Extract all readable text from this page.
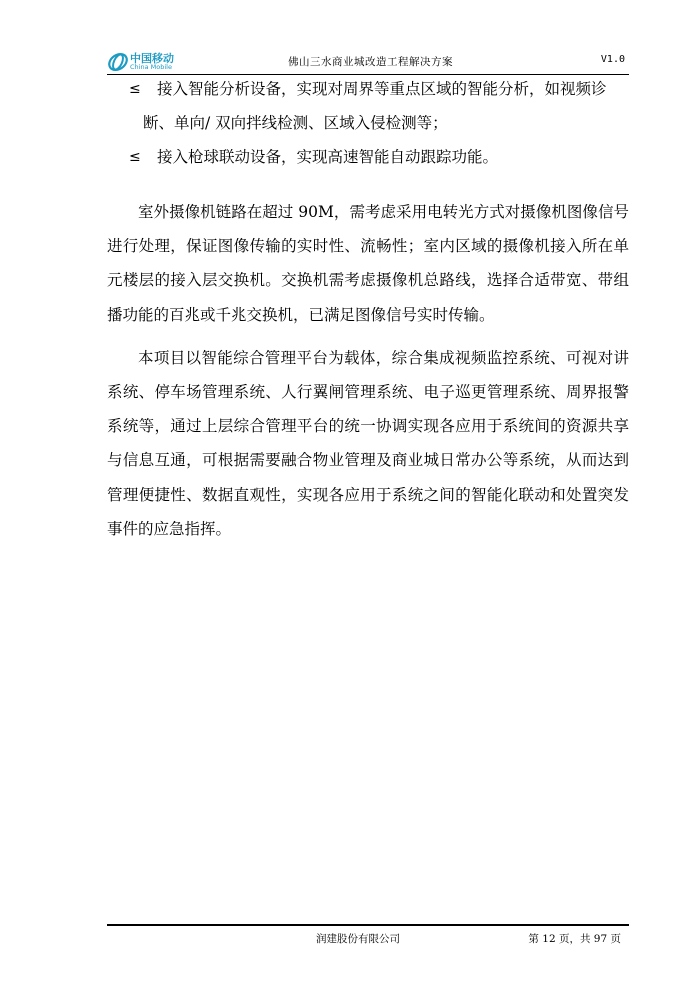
中国移动
China Mobile	佛山三水商业城改造工程解决方案	V1.0
≤	接入智能分析设备，实现对周界等重点区域的智能分析，如视频诊
断、单向/ 双向拌线检测、区域入侵检测等；
≤	接入枪球联动设备，实现高速智能自动跟踪功能。

室外摄像机链路在超过 90M，需考虑采用电转光方式对摄像机图像信号进行处理，保证图像传输的实时性、流畅性；室内区域的摄像机接入所在单元楼层的接入层交换机。交换机需考虑摄像机总路线，选择合适带宽、带组播功能的百兆或千兆交换机，已满足图像信号实时传输。

本项目以智能综合管理平台为载体，综合集成视频监控系统、可视对讲系统、停车场管理系统、人行翼闸管理系统、电子巡更管理系统、周界报警系统等，通过上层综合管理平台的统一协调实现各应用于系统间的资源共享与信息互通，可根据需要融合物业管理及商业城日常办公等系统，从而达到管理便捷性、数据直观性，实现各应用于系统之间的智能化联动和处置突发事件的应急指挥。

润建股份有限公司	第 12 页，共 97 页
